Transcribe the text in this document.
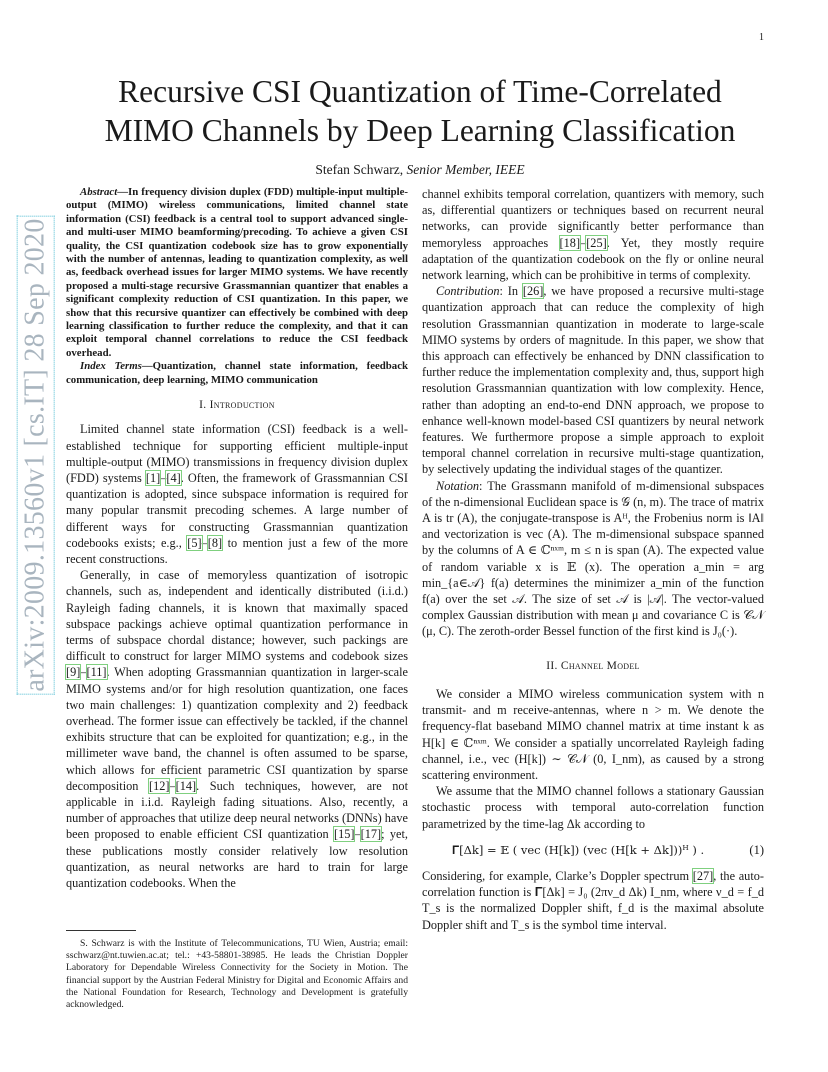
1
arXiv:2009.13560v1 [cs.IT] 28 Sep 2020
Recursive CSI Quantization of Time-Correlated
MIMO Channels by Deep Learning Classification
Stefan Schwarz, Senior Member, IEEE

Abstract—In frequency division duplex (FDD) multiple-input multiple-output (MIMO) wireless communications, limited channel state information (CSI) feedback is a central tool to support advanced single- and multi-user MIMO beamforming/precoding. To achieve a given CSI quality, the CSI quantization codebook size has to grow exponentially with the number of antennas, leading to quantization complexity, as well as, feedback overhead issues for larger MIMO systems. We have recently proposed a multi-stage recursive Grassmannian quantizer that enables a significant complexity reduction of CSI quantization. In this paper, we show that this recursive quantizer can effectively be combined with deep learning classification to further reduce the complexity, and that it can exploit temporal channel correlations to reduce the CSI feedback overhead.

Index Terms—Quantization, channel state information, feedback communication, deep learning, MIMO communication

I. Introduction

Limited channel state information (CSI) feedback is a well-established technique for supporting efficient multiple-input multiple-output (MIMO) transmissions in frequency division duplex (FDD) systems [1]–[4]. Often, the framework of Grassmannian CSI quantization is adopted, since subspace information is required for many popular transmit precoding schemes. A large number of different ways for constructing Grassmannian quantization codebooks exists; e.g., [5]–[8] to mention just a few of the more recent constructions.

Generally, in case of memoryless quantization of isotropic channels, such as, independent and identically distributed (i.i.d.) Rayleigh fading channels, it is known that maximally spaced subspace packings achieve optimal quantization performance in terms of subspace chordal distance; however, such packings are difficult to construct for larger MIMO systems and codebook sizes [9]–[11]. When adopting Grassmannian quantization in larger-scale MIMO systems and/or for high resolution quantization, one faces two main challenges: 1) quantization complexity and 2) feedback overhead. The former issue can effectively be tackled, if the channel exhibits structure that can be exploited for quantization; e.g., in the millimeter wave band, the channel is often assumed to be sparse, which allows for efficient parametric CSI quantization by sparse decomposition [12]–[14]. Such techniques, however, are not applicable in i.i.d. Rayleigh fading situations. Also, recently, a number of approaches that utilize deep neural networks (DNNs) have been proposed to enable efficient CSI quantization [15]–[17]; yet, these publications mostly consider relatively low resolution quantization, as neural networks are hard to train for large quantization codebooks. When the

channel exhibits temporal correlation, quantizers with memory, such as, differential quantizers or techniques based on recurrent neural networks, can provide significantly better performance than memoryless approaches [18]–[25]. Yet, they mostly require adaptation of the quantization codebook on the fly or online neural network learning, which can be prohibitive in terms of complexity.

Contribution: In [26], we have proposed a recursive multi-stage quantization approach that can reduce the complexity of high resolution Grassmannian quantization in moderate to large-scale MIMO systems by orders of magnitude. In this paper, we show that this approach can effectively be enhanced by DNN classification to further reduce the implementation complexity and, thus, support high resolution Grassmannian quantization with low complexity. Hence, rather than adopting an end-to-end DNN approach, we propose to enhance well-known model-based CSI quantizers by neural network features. We furthermore propose a simple approach to exploit temporal channel correlation in recursive multi-stage quantization, by selectively updating the individual stages of the quantizer.

Notation: The Grassmann manifold of m-dimensional subspaces of the n-dimensional Euclidean space is 𝒢 (n, m). The trace of matrix A is tr (A), the conjugate-transpose is Aᴴ, the Frobenius norm is ‖A‖ and vectorization is vec (A). The m-dimensional subspace spanned by the columns of A ∈ ℂⁿˣᵐ, m ≤ n is span (A). The expected value of random variable x is 𝔼 (x). The operation a_min = arg min_{a∈𝒜} f(a) determines the minimizer a_min of the function f(a) over the set 𝒜. The size of set 𝒜 is |𝒜|. The vector-valued complex Gaussian distribution with mean μ and covariance C is 𝒞𝒩 (μ, C). The zeroth-order Bessel function of the first kind is J₀(·).

II. Channel Model

We consider a MIMO wireless communication system with n transmit- and m receive-antennas, where n > m. We denote the frequency-flat baseband MIMO channel matrix at time instant k as H[k] ∈ ℂⁿˣᵐ. We consider a spatially uncorrelated Rayleigh fading channel, i.e., vec (H[k]) ∼ 𝒞𝒩 (0, I_nm), as caused by a strong scattering environment.

We assume that the MIMO channel follows a stationary Gaussian stochastic process with temporal auto-correlation function parametrized by the time-lag Δk according to

𝚪[Δk] = 𝔼 ( vec (H[k]) (vec (H[k + Δk]))ᴴ ) .	(1)

Considering, for example, Clarke’s Doppler spectrum [27], the auto-correlation function is 𝚪[Δk] = J₀ (2πν_d Δk) I_nm, where ν_d = f_d T_s is the normalized Doppler shift, f_d is the maximal absolute Doppler shift and T_s is the symbol time interval.

S. Schwarz is with the Institute of Telecommunications, TU Wien, Austria; email: sschwarz@nt.tuwien.ac.at; tel.: +43-58801-38985. He leads the Christian Doppler Laboratory for Dependable Wireless Connectivity for the Society in Motion. The financial support by the Austrian Federal Ministry for Digital and Economic Affairs and the National Foundation for Research, Technology and Development is gratefully acknowledged.
